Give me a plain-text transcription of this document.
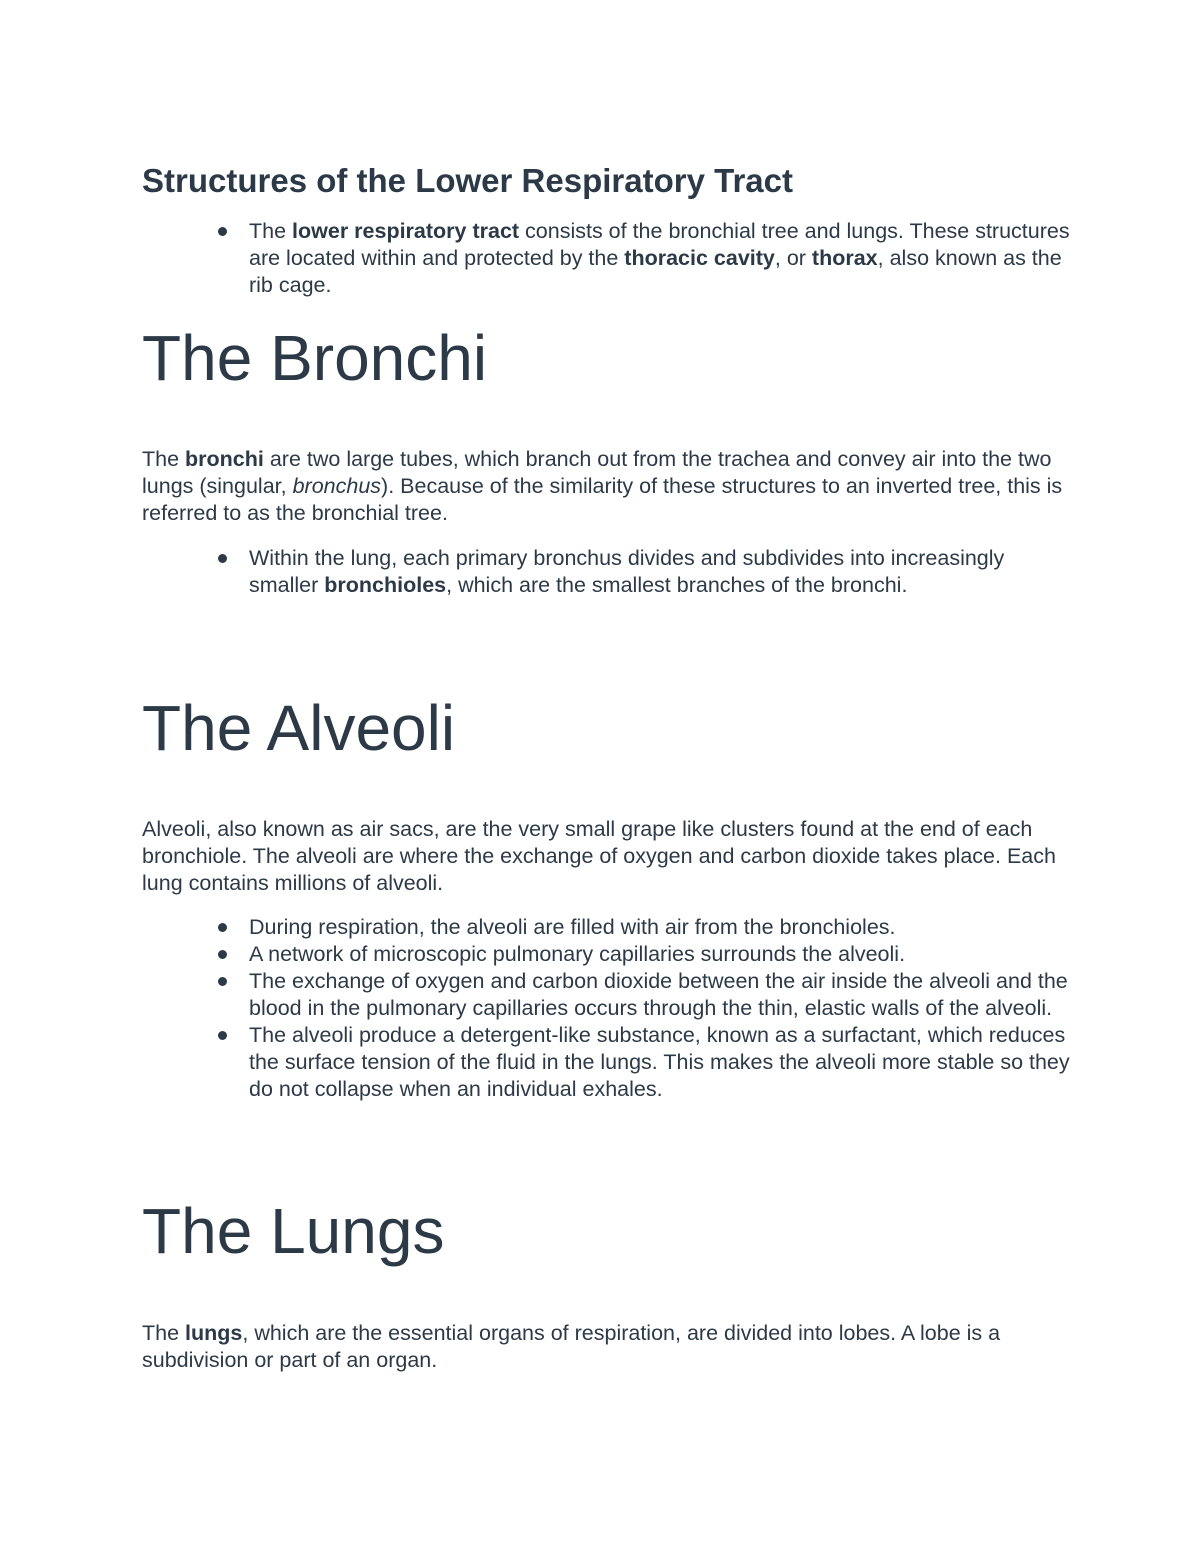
Structures of the Lower Respiratory Tract
The lower respiratory tract consists of the bronchial tree and lungs. These structures are located within and protected by the thoracic cavity, or thorax, also known as the rib cage.
The Bronchi

The bronchi are two large tubes, which branch out from the trachea and convey air into the two lungs (singular, bronchus). Because of the similarity of these structures to an inverted tree, this is referred to as the bronchial tree.

Within the lung, each primary bronchus divides and subdivides into increasingly smaller bronchioles, which are the smallest branches of the bronchi.
The Alveoli

Alveoli, also known as air sacs, are the very small grape like clusters found at the end of each bronchiole. The alveoli are where the exchange of oxygen and carbon dioxide takes place. Each lung contains millions of alveoli.

During respiration, the alveoli are filled with air from the bronchioles.
A network of microscopic pulmonary capillaries surrounds the alveoli.
The exchange of oxygen and carbon dioxide between the air inside the alveoli and the blood in the pulmonary capillaries occurs through the thin, elastic walls of the alveoli.
The alveoli produce a detergent-like substance, known as a surfactant, which reduces the surface tension of the fluid in the lungs. This makes the alveoli more stable so they do not collapse when an individual exhales.
The Lungs

The lungs, which are the essential organs of respiration, are divided into lobes. A lobe is a subdivision or part of an organ.
